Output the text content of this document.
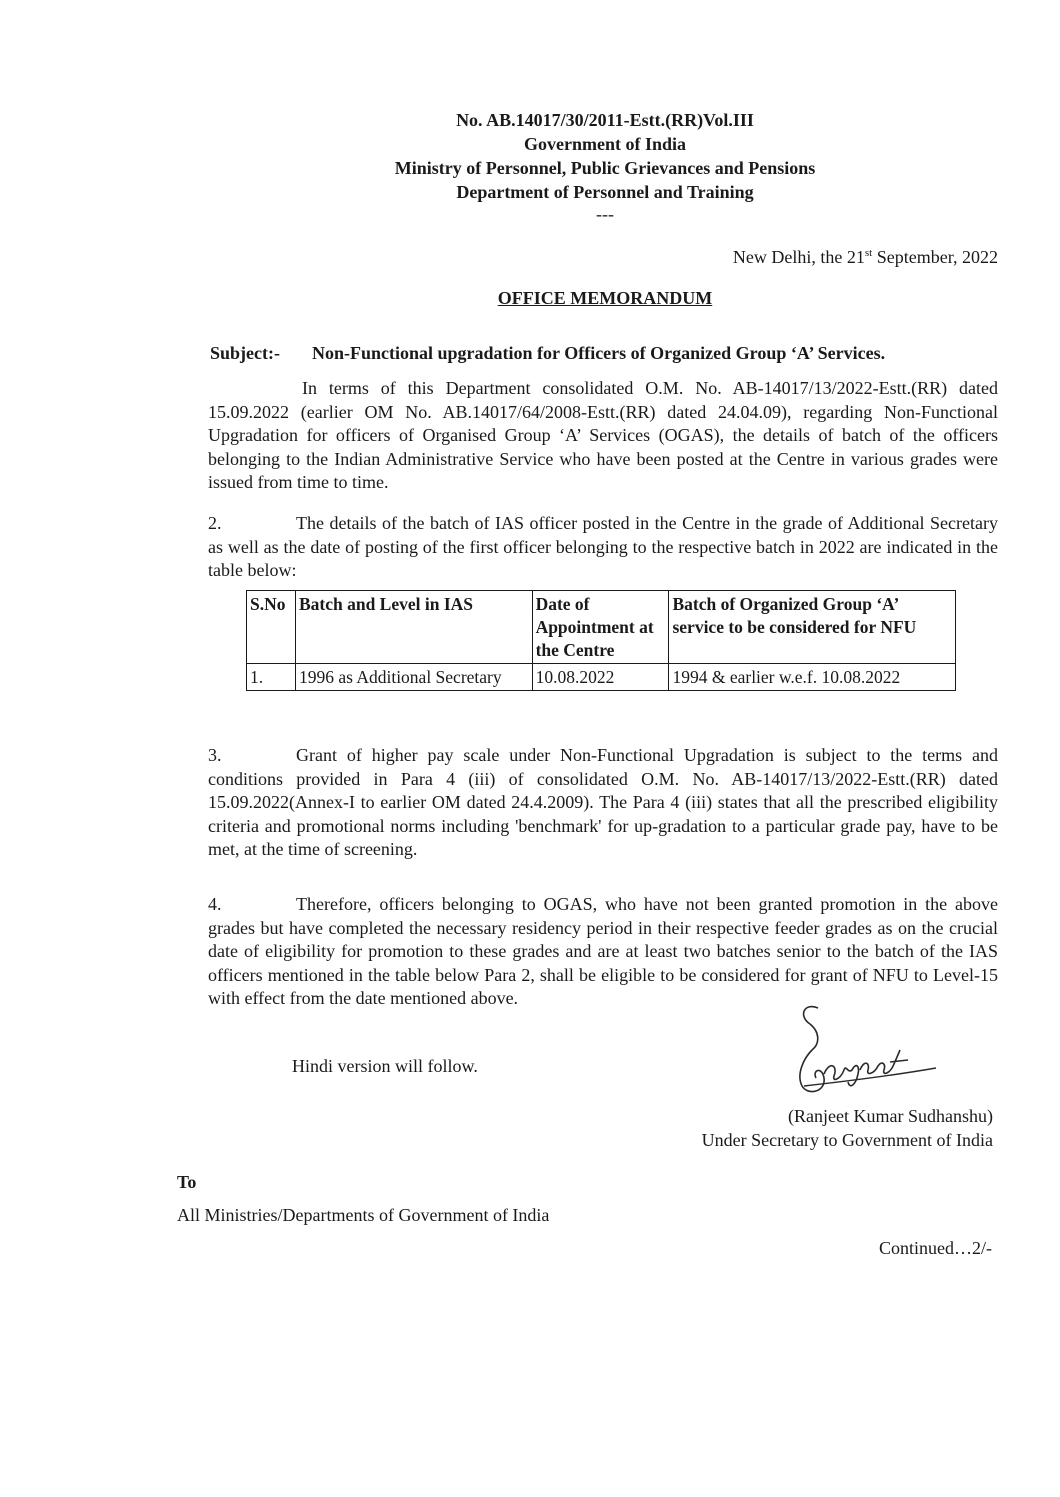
No. AB.14017/30/2011-Estt.(RR)Vol.III
Government of India
Ministry of Personnel, Public Grievances and Pensions
Department of Personnel and Training
---
New Delhi, the 21st September, 2022
OFFICE MEMORANDUM
Subject:- Non-Functional upgradation for Officers of Organized Group ‘A’ Services.
In terms of this Department consolidated O.M. No. AB-14017/13/2022-Estt.(RR) dated 15.09.2022 (earlier OM No. AB.14017/64/2008-Estt.(RR) dated 24.04.09), regarding Non-Functional Upgradation for officers of Organised Group ‘A’ Services (OGAS), the details of batch of the officers belonging to the Indian Administrative Service who have been posted at the Centre in various grades were issued from time to time.
2.	The details of the batch of IAS officer posted in the Centre in the grade of Additional Secretary as well as the date of posting of the first officer belonging to the respective batch in 2022 are indicated in the table below:
S.No	Batch and Level in IAS	Date of Appointment at the Centre	Batch of Organized Group ‘A’ service to be considered for NFU
1.	1996 as Additional Secretary	10.08.2022	1994 & earlier w.e.f. 10.08.2022
3.	Grant of higher pay scale under Non-Functional Upgradation is subject to the terms and conditions provided in Para 4 (iii) of consolidated O.M. No. AB-14017/13/2022-Estt.(RR) dated 15.09.2022(Annex-I to earlier OM dated 24.4.2009). The Para 4 (iii) states that all the prescribed eligibility criteria and promotional norms including 'benchmark' for up-gradation to a particular grade pay, have to be met, at the time of screening.
4.	Therefore, officers belonging to OGAS, who have not been granted promotion in the above grades but have completed the necessary residency period in their respective feeder grades as on the crucial date of eligibility for promotion to these grades and are at least two batches senior to the batch of the IAS officers mentioned in the table below Para 2, shall be eligible to be considered for grant of NFU to Level-15 with effect from the date mentioned above.
Hindi version will follow.
(Ranjeet Kumar Sudhanshu)
Under Secretary to Government of India
To
All Ministries/Departments of Government of India
Continued…2/-
